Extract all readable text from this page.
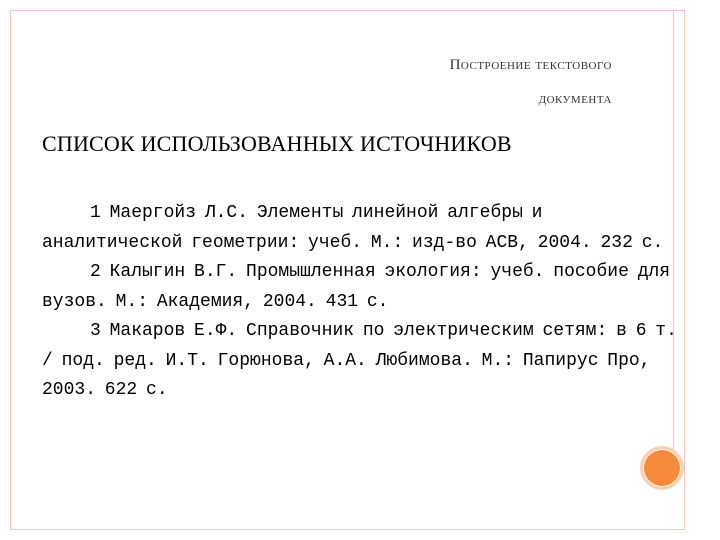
Построение текстового
документа
СПИСОК ИСПОЛЬЗОВАННЫХ ИСТОЧНИКОВ

1 Маергойз Л.С. Элементы линейной алгебры и аналитической геометрии: учеб. М.: изд-во АСВ, 2004. 232 с.

2 Калыгин В.Г. Промышленная экология: учеб. пособие для вузов. М.: Академия, 2004. 431 с.

3 Макаров Е.Ф. Справочник по электрическим сетям: в 6 т. / под. ред. И.Т. Горюнова, А.А. Любимова. М.: Папирус Про, 2003. 622 с.
